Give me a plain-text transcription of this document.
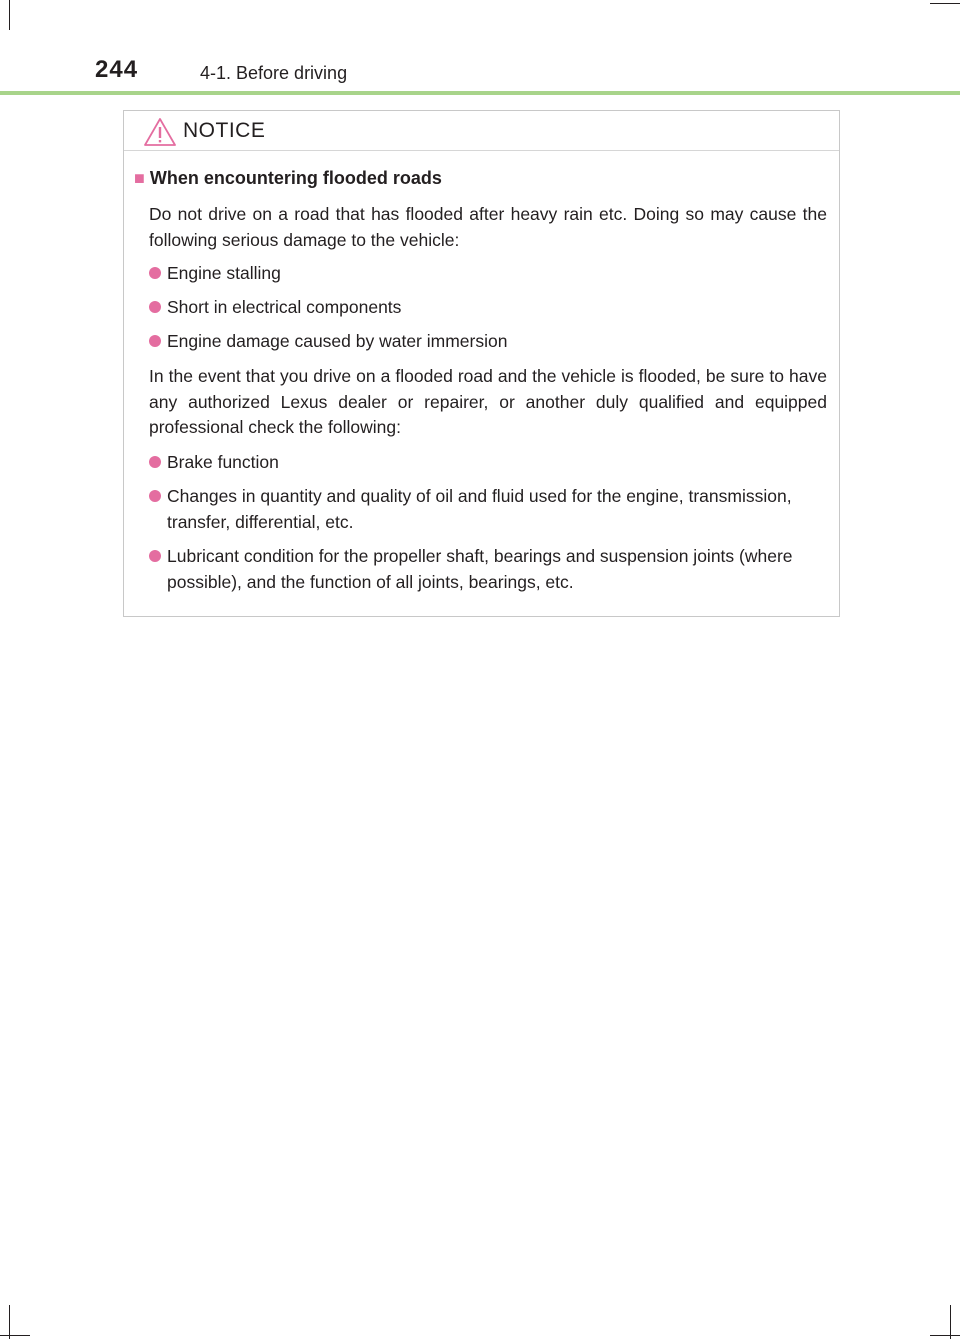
244	4-1. Before driving
NOTICE
■ When encountering flooded roads
Do not drive on a road that has flooded after heavy rain etc. Doing so may cause the following serious damage to the vehicle:
Engine stalling
Short in electrical components
Engine damage caused by water immersion
In the event that you drive on a flooded road and the vehicle is flooded, be sure to have any authorized Lexus dealer or repairer, or another duly qualified and equipped professional check the following:
Brake function
Changes in quantity and quality of oil and fluid used for the engine, transmission, transfer, differential, etc.
Lubricant condition for the propeller shaft, bearings and suspension joints (where possible), and the function of all joints, bearings, etc.
